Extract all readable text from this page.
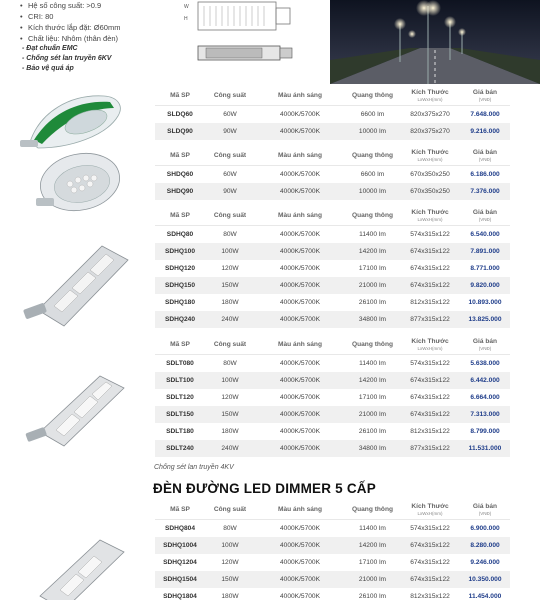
• Hệ số công suất: >0.9
• CRI: 80
• Kích thước lắp đặt: Ø60mm
• Chất liệu: Nhôm (thân đèn)
- Đạt chuẩn EMC
- Chống sét lan truyền 6KV
- Bảo vệ quá áp
W
H
Mã SP	Công suất	Màu ánh sáng	Quang thông	Kích Thước
LxWxH(mm)
Giá bán
(VNĐ)
SLDQ60	60W	4000K/5700K	6600 lm	820x375x270	7.648.000
SLDQ90	90W	4000K/5700K	10000 lm	820x375x270	9.216.000
Mã SP	Công suất	Màu ánh sáng	Quang thông	Kích Thước
LxWxH(mm)
Giá bán
(VNĐ)
SHDQ60	60W	4000K/5700K	6600 lm	670x350x250	6.186.000
SHDQ90	90W	4000K/5700K	10000 lm	670x350x250	7.376.000
Mã SP	Công suất	Màu ánh sáng	Quang thông	Kích Thước
LxWxH(mm)
Giá bán
(VNĐ)
SDHQ80	80W	4000K/5700K	11400 lm	574x315x122	6.540.000
SDHQ100	100W	4000K/5700K	14200 lm	674x315x122	7.891.000
SDHQ120	120W	4000K/5700K	17100 lm	674x315x122	8.771.000
SDHQ150	150W	4000K/5700K	21000 lm	674x315x122	9.820.000
SDHQ180	180W	4000K/5700K	26100 lm	812x315x122	10.893.000
SDHQ240	240W	4000K/5700K	34800 lm	877x315x122	13.825.000
Mã SP	Công suất	Màu ánh sáng	Quang thông	Kích Thước
LxWxH(mm)
Giá bán
(VNĐ)
SDLT080	80W	4000K/5700K	11400 lm	574x315x122	5.638.000
SDLT100	100W	4000K/5700K	14200 lm	674x315x122	6.442.000
SDLT120	120W	4000K/5700K	17100 lm	674x315x122	6.664.000
SDLT150	150W	4000K/5700K	21000 lm	674x315x122	7.313.000
SDLT180	180W	4000K/5700K	26100 lm	812x315x122	8.799.000
SDLT240	240W	4000K/5700K	34800 lm	877x315x122	11.531.000
Chống sét lan truyền 4KV
ĐÈN ĐƯỜNG LED DIMMER 5 CẤP
Mã SP	Công suất	Màu ánh sáng	Quang thông	Kích Thước
LxWxH(mm)
Giá bán
(VNĐ)
SDHQ804	80W	4000K/5700K	11400 lm	574x315x122	6.900.000
SDHQ1004	100W	4000K/5700K	14200 lm	674x315x122	8.280.000
SDHQ1204	120W	4000K/5700K	17100 lm	674x315x122	9.246.000
SDHQ1504	150W	4000K/5700K	21000 lm	674x315x122	10.350.000
SDHQ1804	180W	4000K/5700K	26100 lm	812x315x122	11.454.000
